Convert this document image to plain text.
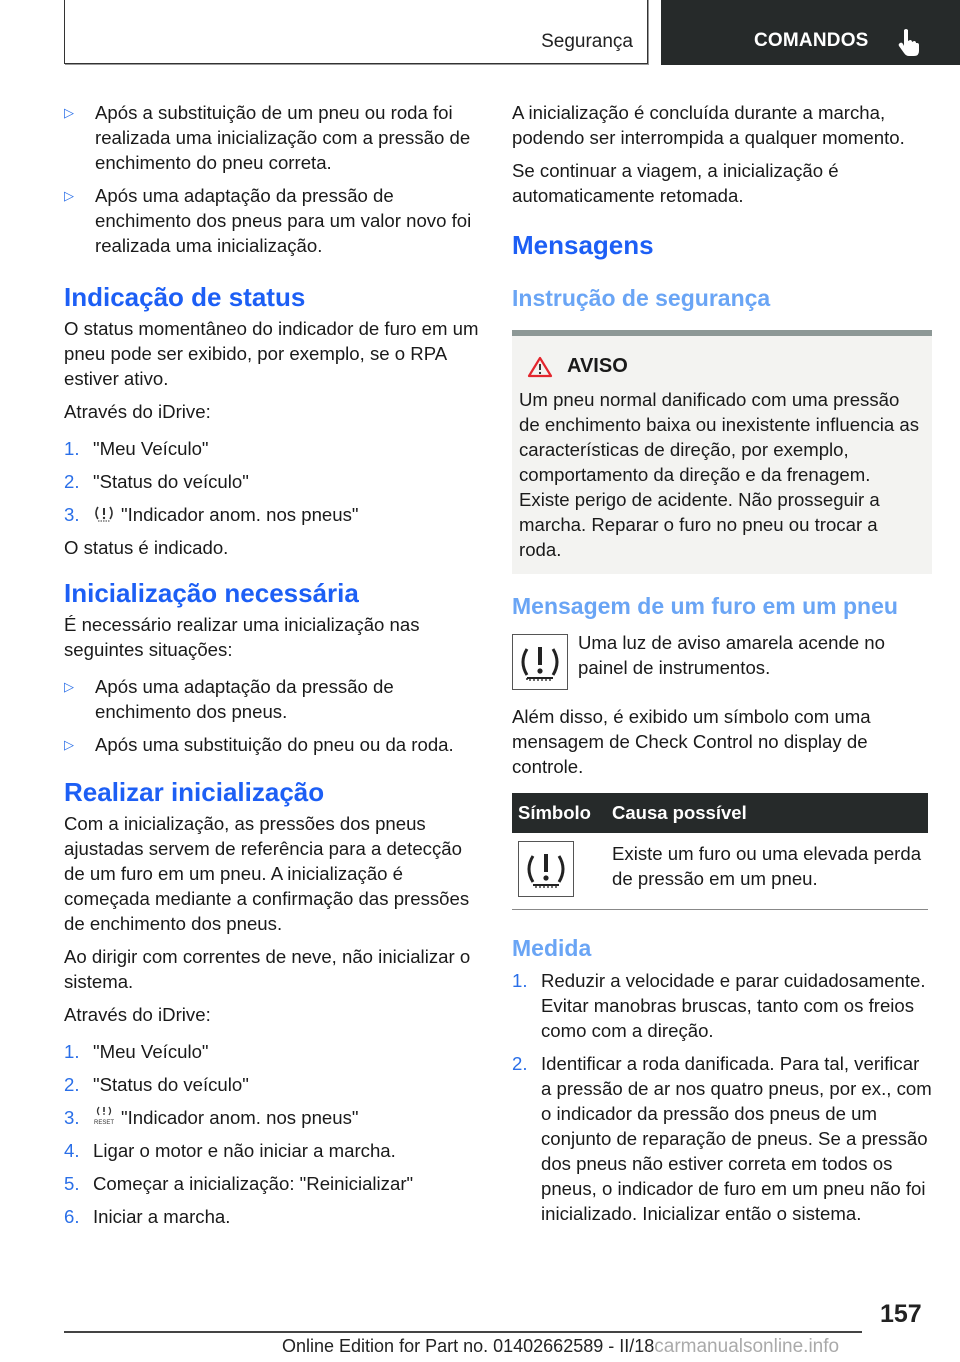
Segurança	COMANDOS
▷ Após a substituição de um pneu ou roda foi realizada uma inicialização com a pressão de enchimento do pneu correta.
▷ Após uma adaptação da pressão de enchimento dos pneus para um valor novo foi realizada uma inicialização.
Indicação de status

O status momentâneo do indicador de furo em um pneu pode ser exibido, por exemplo, se o RPA estiver ativo.

Através do iDrive:

1. "Meu Veículo"
2. "Status do veículo"
3. "Indicador anom. nos pneus"

O status é indicado.

Inicialização necessária

É necessário realizar uma inicialização nas seguintes situações:

▷ Após uma adaptação da pressão de enchimento dos pneus.
▷ Após uma substituição do pneu ou da roda.
Realizar inicialização

Com a inicialização, as pressões dos pneus ajustadas servem de referência para a detecção de um furo em um pneu. A inicialização é começada mediante a confirmação das pressões de enchimento dos pneus.

Ao dirigir com correntes de neve, não inicializar o sistema.

Através do iDrive:

1. "Meu Veículo"
2. "Status do veículo"
3. RESET "Indicador anom. nos pneus"
4. Ligar o motor e não iniciar a marcha.
5. Começar a inicialização: "Reinicializar"
6. Iniciar a marcha.

A inicialização é concluída durante a marcha, podendo ser interrompida a qualquer momento.

Se continuar a viagem, a inicialização é automaticamente retomada.

Mensagens
Instrução de segurança
AVISO
Um pneu normal danificado com uma pressão de enchimento baixa ou inexistente influencia as características de direção, por exemplo, comportamento da direção e da frenagem. Existe perigo de acidente. Não prosseguir a marcha. Reparar o furo no pneu ou trocar a roda.
Mensagem de um furo em um pneu
Uma luz de aviso amarela acende no painel de instrumentos.

Além disso, é exibido um símbolo com uma mensagem de Check Control no display de controle.

Símbolo	Causa possível

	Existe um furo ou uma elevada perda de pressão em um pneu.
Medida
1. Reduzir a velocidade e parar cuidadosamente. Evitar manobras bruscas, tanto com os freios como com a direção.
2. Identificar a roda danificada. Para tal, verificar a pressão de ar nos quatro pneus, por ex., com o indicador da pressão dos pneus de um conjunto de reparação de pneus. Se a pressão dos pneus não estiver correta em todos os pneus, o indicador de furo em um pneu não foi inicializado. Inicializar então o sistema.
157
Online Edition for Part no. 01402662589 - II/18carmanualsonline.info
